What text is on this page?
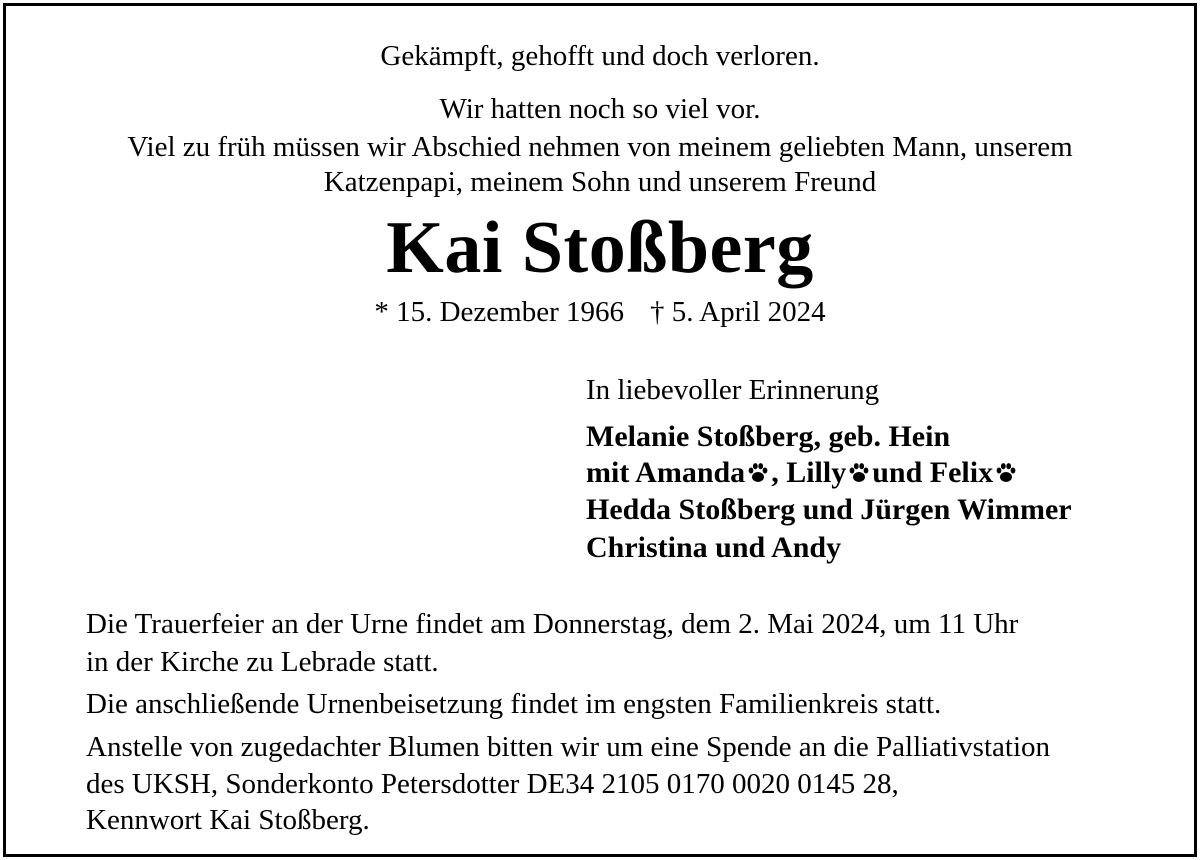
Gekämpft, gehofft und doch verloren.
Wir hatten noch so viel vor.
Viel zu früh müssen wir Abschied nehmen von meinem geliebten Mann, unserem
Katzenpapi, meinem Sohn und unserem Freund
Kai Stoßberg
* 15. Dezember 1966 † 5. April 2024
In liebevoller Erinnerung
Melanie Stoßberg, geb. Hein
mit Amanda , Lilly und Felix
Hedda Stoßberg und Jürgen Wimmer
Christina und Andy
Die Trauerfeier an der Urne findet am Donnerstag, dem 2. Mai 2024, um 11 Uhr
in der Kirche zu Lebrade statt.
Die anschließende Urnenbeisetzung findet im engsten Familienkreis statt.
Anstelle von zugedachter Blumen bitten wir um eine Spende an die Palliativstation
des UKSH, Sonderkonto Petersdotter DE34 2105 0170 0020 0145 28,
Kennwort Kai Stoßberg.
